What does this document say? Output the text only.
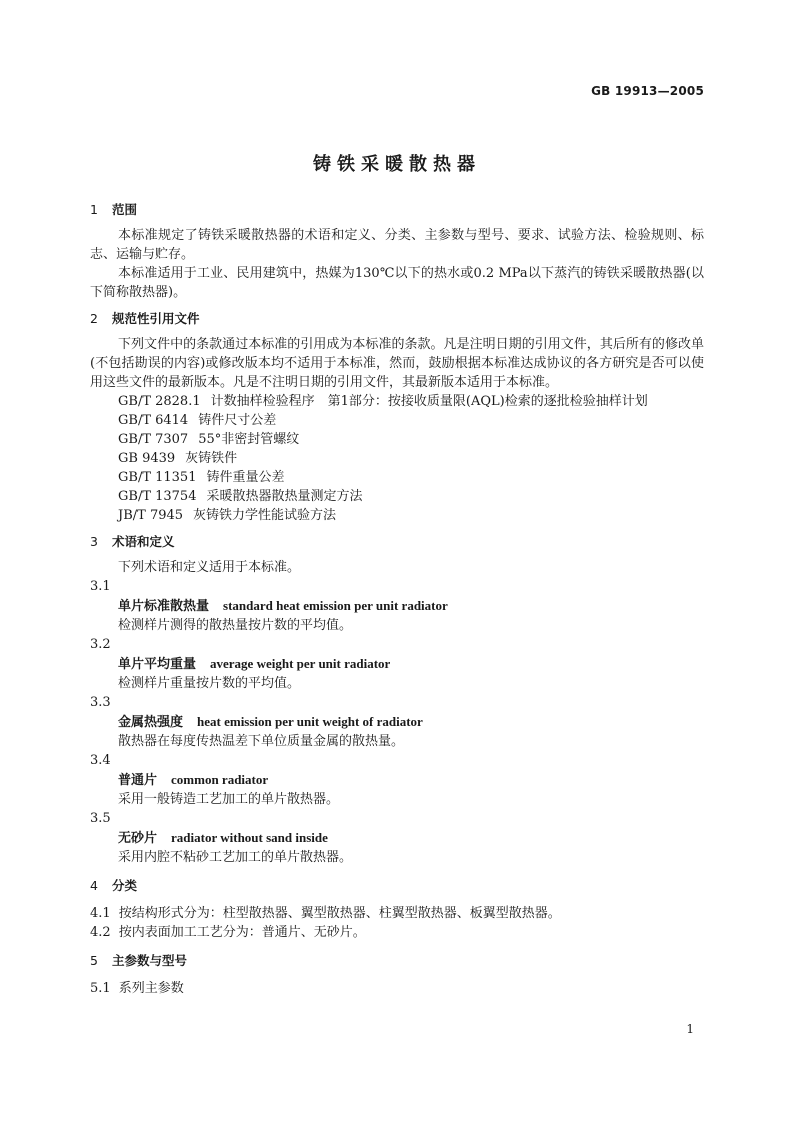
GB 19913—2005
铸铁采暖散热器
1 范围

本标准规定了铸铁采暖散热器的术语和定义、分类、主参数与型号、要求、试验方法、检验规则、标志、运输与贮存。

本标准适用于工业、民用建筑中，热媒为130℃以下的热水或0.2 MPa以下蒸汽的铸铁采暖散热器(以下简称散热器)。

2 规范性引用文件

下列文件中的条款通过本标准的引用成为本标准的条款。凡是注明日期的引用文件，其后所有的修改单(不包括勘误的内容)或修改版本均不适用于本标准，然而，鼓励根据本标准达成协议的各方研究是否可以使用这些文件的最新版本。凡是不注明日期的引用文件，其最新版本适用于本标准。

GB/T 2828.1 计数抽样检验程序　第1部分：按接收质量限(AQL)检索的逐批检验抽样计划
GB/T 6414 铸件尺寸公差
GB/T 7307 55°非密封管螺纹
GB 9439 灰铸铁件
GB/T 11351 铸件重量公差
GB/T 13754 采暖散热器散热量测定方法
JB/T 7945 灰铸铁力学性能试验方法
3 术语和定义

下列术语和定义适用于本标准。

3.1
单片标准散热量 standard heat emission per unit radiator
检测样片测得的散热量按片数的平均值。
3.2
单片平均重量 average weight per unit radiator
检测样片重量按片数的平均值。
3.3
金属热强度 heat emission per unit weight of radiator
散热器在每度传热温差下单位质量金属的散热量。
3.4
普通片 common radiator
采用一般铸造工艺加工的单片散热器。
3.5
无砂片 radiator without sand inside
采用内腔不粘砂工艺加工的单片散热器。
4 分类
4.1 按结构形式分为：柱型散热器、翼型散热器、柱翼型散热器、板翼型散热器。
4.2 按内表面加工工艺分为：普通片、无砂片。
5 主参数与型号
5.1 系列主参数
1
